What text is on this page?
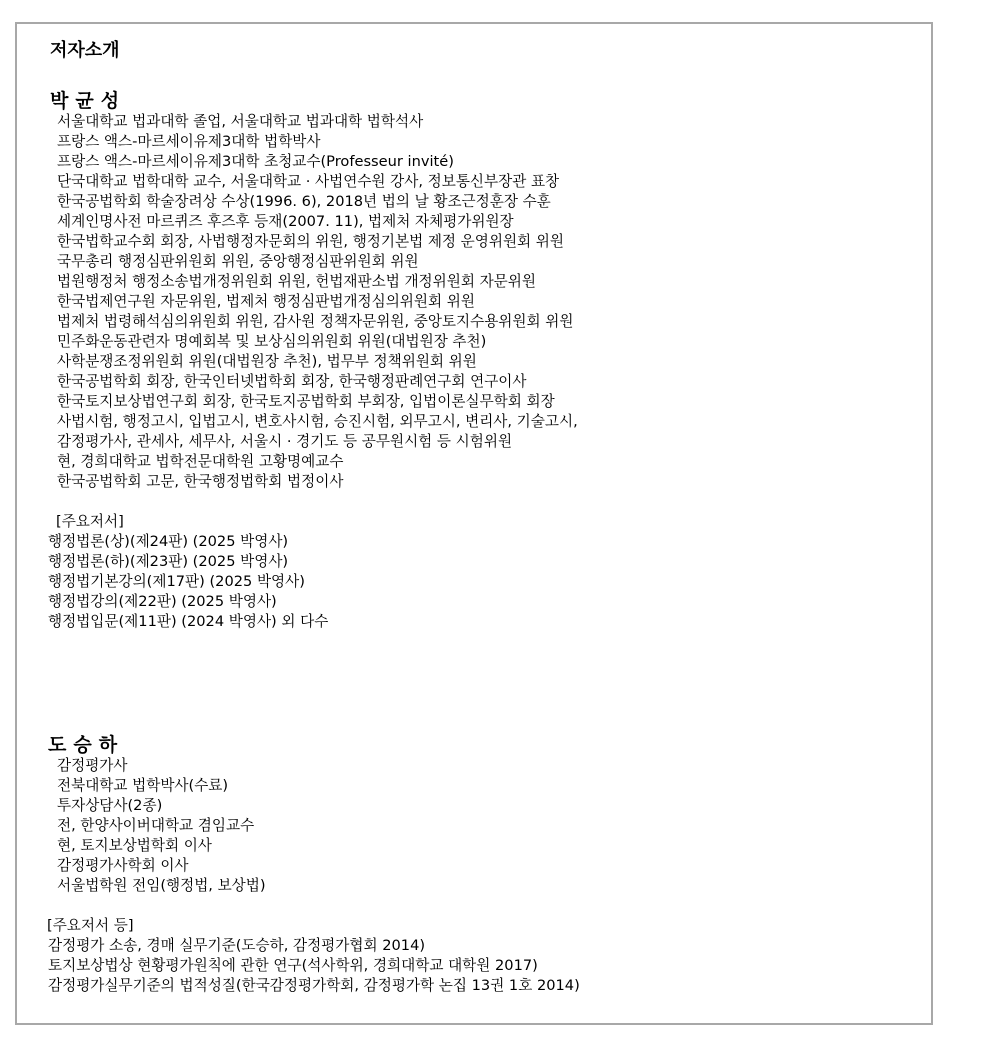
저자소개
박균성
서울대학교 법과대학 졸업, 서울대학교 법과대학 법학석사
프랑스 액스-마르세이유제3대학 법학박사
프랑스 액스-마르세이유제3대학 초청교수(Professeur invité)
단국대학교 법학대학 교수, 서울대학교 · 사법연수원 강사, 정보통신부장관 표창
한국공법학회 학술장려상 수상(1996. 6), 2018년 법의 날 황조근정훈장 수훈
세계인명사전 마르퀴즈 후즈후 등재(2007. 11), 법제처 자체평가위원장
한국법학교수회 회장, 사법행정자문회의 위원, 행정기본법 제정 운영위원회 위원
국무총리 행정심판위원회 위원, 중앙행정심판위원회 위원
법원행정처 행정소송법개정위원회 위원, 헌법재판소법 개정위원회 자문위원
한국법제연구원 자문위원, 법제처 행정심판법개정심의위원회 위원
법제처 법령해석심의위원회 위원, 감사원 정책자문위원, 중앙토지수용위원회 위원
민주화운동관련자 명예회복 및 보상심의위원회 위원(대법원장 추천)
사학분쟁조정위원회 위원(대법원장 추천), 법무부 정책위원회 위원
한국공법학회 회장, 한국인터넷법학회 회장, 한국행정판례연구회 연구이사
한국토지보상법연구회 회장, 한국토지공법학회 부회장, 입법이론실무학회 회장
사법시험, 행정고시, 입법고시, 변호사시험, 승진시험, 외무고시, 변리사, 기술고시,
감정평가사, 관세사, 세무사, 서울시 · 경기도 등 공무원시험 등 시험위원
현, 경희대학교 법학전문대학원 고황명예교수
한국공법학회 고문, 한국행정법학회 법정이사
[주요저서]
행정법론(상)(제24판) (2025 박영사)
행정법론(하)(제23판) (2025 박영사)
행정법기본강의(제17판) (2025 박영사)
행정법강의(제22판) (2025 박영사)
행정법입문(제11판) (2024 박영사) 외 다수
도승하
감정평가사
전북대학교 법학박사(수료)
투자상담사(2종)
전, 한양사이버대학교 겸임교수
현, 토지보상법학회 이사
감정평가사학회 이사
서울법학원 전임(행정법, 보상법)
[주요저서 등]
감정평가 소송, 경매 실무기준(도승하, 감정평가협회 2014)
토지보상법상 현황평가원칙에 관한 연구(석사학위, 경희대학교 대학원 2017)
감정평가실무기준의 법적성질(한국감정평가학회, 감정평가학 논집 13권 1호 2014)
